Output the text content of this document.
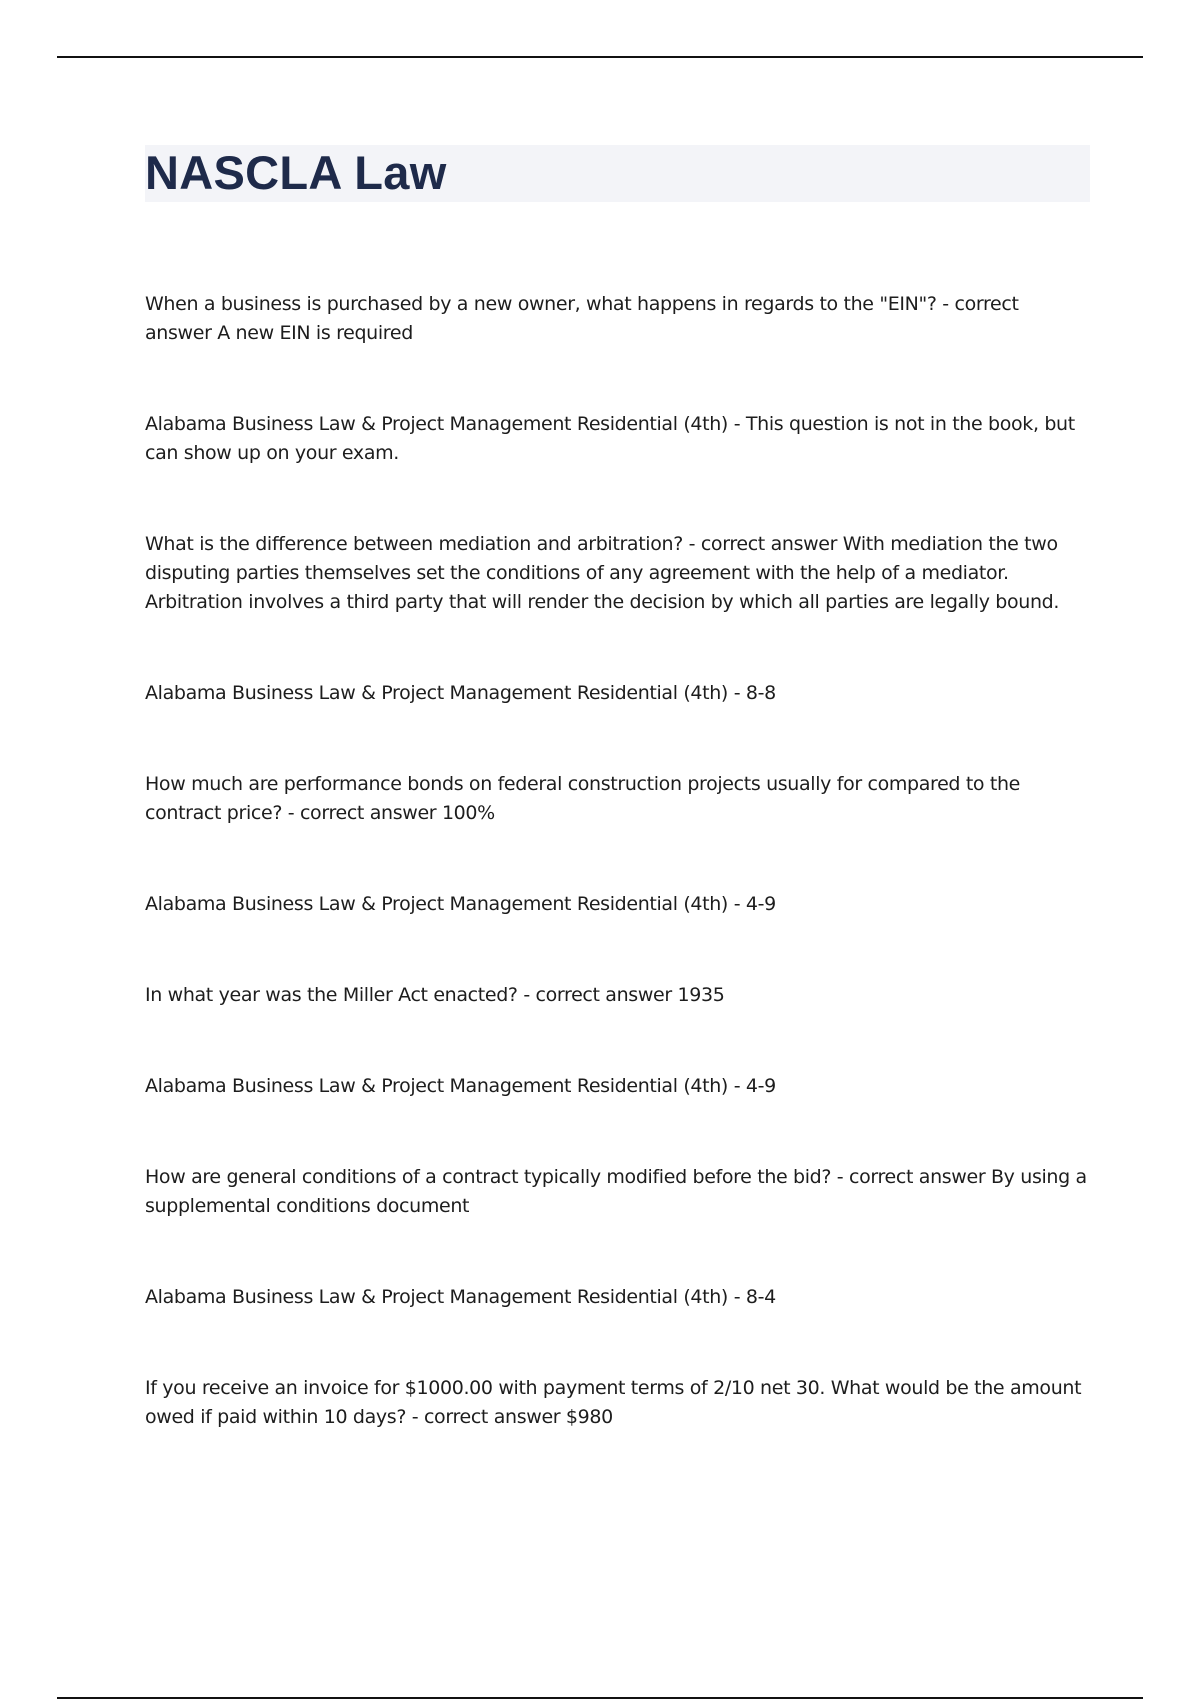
NASCLA Law

When a business is purchased by a new owner, what happens in regards to the "EIN"? - correct answer A new EIN is required

Alabama Business Law & Project Management Residential (4th) - This question is not in the book, but can show up on your exam.

What is the difference between mediation and arbitration? - correct answer With mediation the two disputing parties themselves set the conditions of any agreement with the help of a mediator. Arbitration involves a third party that will render the decision by which all parties are legally bound.

Alabama Business Law & Project Management Residential (4th) - 8-8

How much are performance bonds on federal construction projects usually for compared to the contract price? - correct answer 100%

Alabama Business Law & Project Management Residential (4th) - 4-9

In what year was the Miller Act enacted? - correct answer 1935

Alabama Business Law & Project Management Residential (4th) - 4-9

How are general conditions of a contract typically modified before the bid? - correct answer By using a supplemental conditions document

Alabama Business Law & Project Management Residential (4th) - 8-4

If you receive an invoice for $1000.00 with payment terms of 2/10 net 30. What would be the amount owed if paid within 10 days? - correct answer $980
